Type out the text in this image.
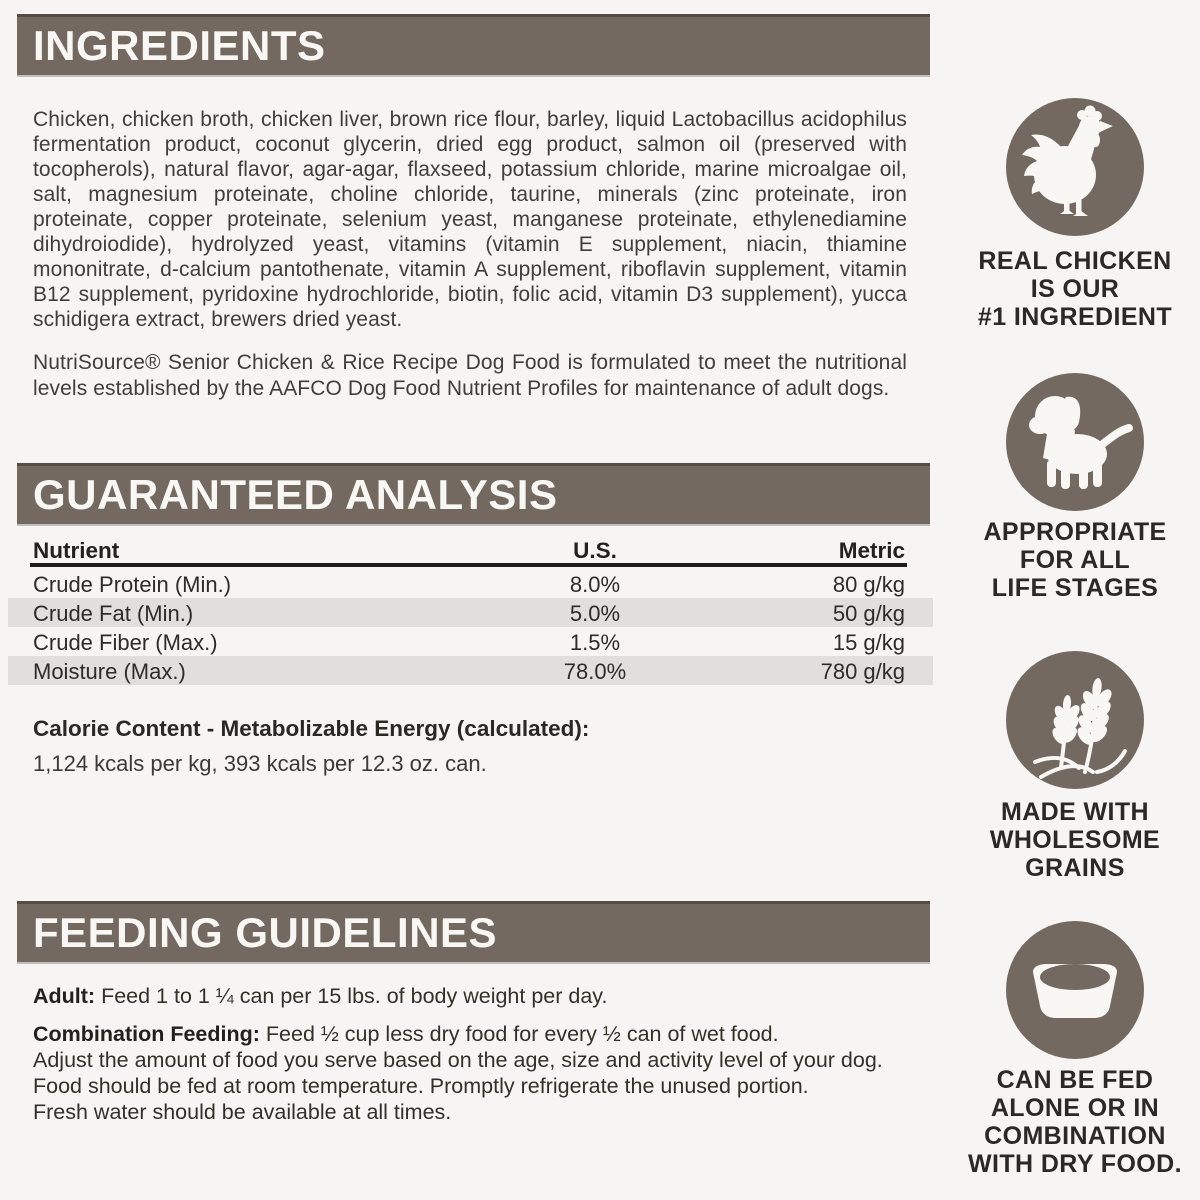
INGREDIENTS

Chicken, chicken broth, chicken liver, brown rice flour, barley, liquid Lactobacillus acidophilus fermentation product, coconut glycerin, dried egg product, salmon oil (preserved with tocopherols), natural flavor, agar-agar, flaxseed, potassium chloride, marine microalgae oil, salt, magnesium proteinate, choline chloride, taurine, minerals (zinc proteinate, iron proteinate, copper proteinate, selenium yeast, manganese proteinate, ethylenediamine dihydroiodide), hydrolyzed yeast, vitamins (vitamin E supplement, niacin, thiamine mononitrate, d-calcium pantothenate, vitamin A supplement, riboflavin supplement, vitamin B12 supplement, pyridoxine hydrochloride, biotin, folic acid, vitamin D3 supplement), yucca schidigera extract, brewers dried yeast.

NutriSource® Senior Chicken & Rice Recipe Dog Food is formulated to meet the nutritional levels established by the AAFCO Dog Food Nutrient Profiles for maintenance of adult dogs.

GUARANTEED ANALYSIS
Nutrient	U.S.	Metric
Crude Protein (Min.)	8.0%	80 g/kg
Crude Fat (Min.)	5.0%	50 g/kg
Crude Fiber (Max.)	1.5%	15 g/kg
Moisture (Max.)	78.0%	780 g/kg
Calorie Content - Metabolizable Energy (calculated):
1,124 kcals per kg, 393 kcals per 12.3 oz. can.
FEEDING GUIDELINES
Adult: Feed 1 to 1 ¼ can per 15 lbs. of body weight per day.
Combination Feeding: Feed ½ cup less dry food for every ½ can of wet food.
Adjust the amount of food you serve based on the age, size and activity level of your dog.
Food should be fed at room temperature. Promptly refrigerate the unused portion.
Fresh water should be available at all times.
REAL CHICKEN
IS OUR
#1 INGREDIENT
APPROPRIATE
FOR ALL
LIFE STAGES
MADE WITH
WHOLESOME
GRAINS
CAN BE FED
ALONE OR IN
COMBINATION
WITH DRY FOOD.
